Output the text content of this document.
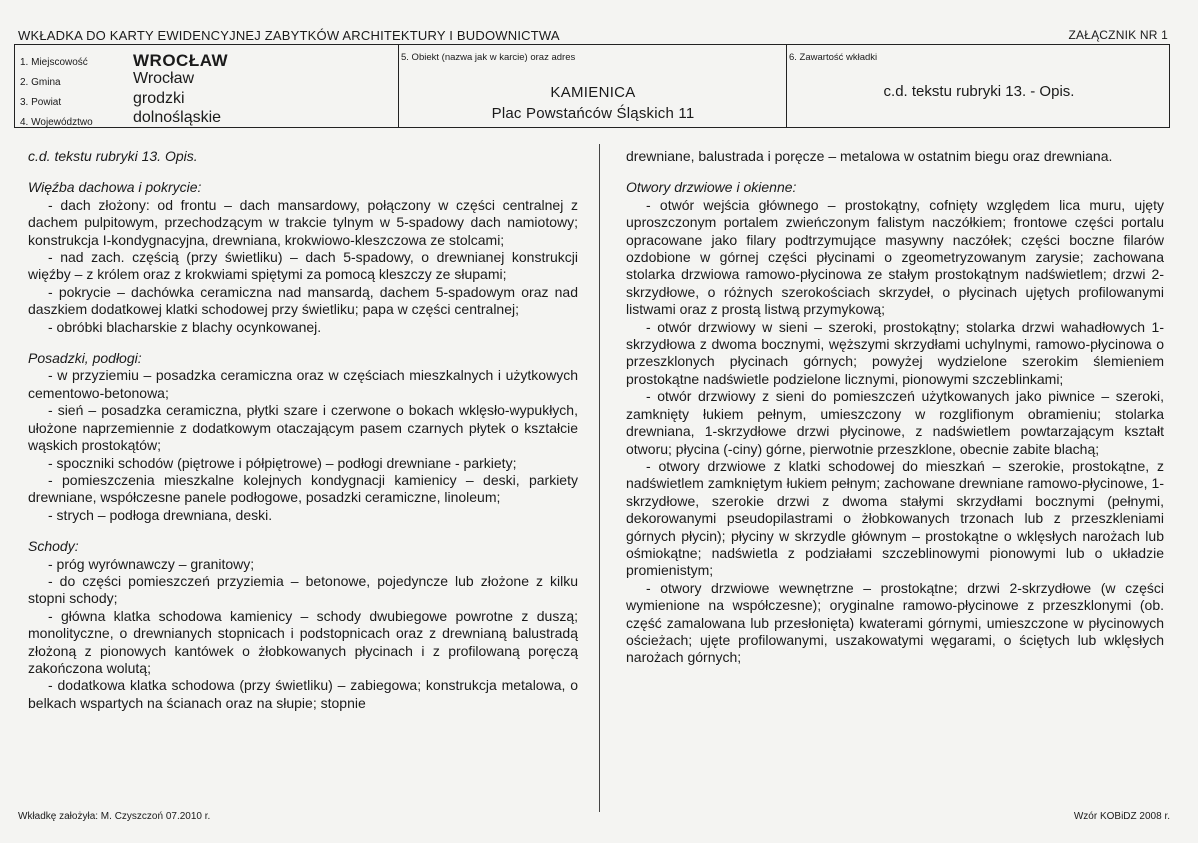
WKŁADKA DO KARTY EWIDENCYJNEJ ZABYTKÓW ARCHITEKTURY I BUDOWNICTWA	ZAŁĄCZNIK NR 1
1. Miejscowość	WROCŁAW
2. Gmina	Wrocław
3. Powiat	grodzki
4. Województwo	dolnośląskie
5. Obiekt (nazwa jak w karcie) oraz adres
KAMIENICA
Plac Powstańców Śląskich 11
6. Zawartość wkładki
c.d. tekstu rubryki 13. - Opis.

c.d. tekstu rubryki 13. Opis.

Więźba dachowa i pokrycie:

- dach złożony: od frontu – dach mansardowy, połączony w części centralnej z dachem pulpitowym, przechodzącym w trakcie tylnym w 5-spadowy dach namiotowy; konstrukcja I-kondygnacyjna, drewniana, krokwiowo-kleszczowa ze stolcami;

- nad zach. częścią (przy świetliku) – dach 5-spadowy, o drewnianej konstrukcji więźby – z królem oraz z krokwiami spiętymi za pomocą kleszczy ze słupami;

- pokrycie – dachówka ceramiczna nad mansardą, dachem 5-spadowym oraz nad daszkiem dodatkowej klatki schodowej przy świetliku; papa w części centralnej;

- obróbki blacharskie z blachy ocynkowanej.

Posadzki, podłogi:

- w przyziemiu – posadzka ceramiczna oraz w częściach mieszkalnych i użytkowych cementowo-betonowa;

- sień – posadzka ceramiczna, płytki szare i czerwone o bokach wklęsło-wypukłych, ułożone naprzemiennie z dodatkowym otaczającym pasem czarnych płytek o kształcie wąskich prostokątów;

- spoczniki schodów (piętrowe i półpiętrowe) – podłogi drewniane - parkiety;

- pomieszczenia mieszkalne kolejnych kondygnacji kamienicy – deski, parkiety drewniane, współczesne panele podłogowe, posadzki ceramiczne, linoleum;

- strych – podłoga drewniana, deski.

Schody:

- próg wyrównawczy – granitowy;

- do części pomieszczeń przyziemia – betonowe, pojedyncze lub złożone z kilku stopni schody;

- główna klatka schodowa kamienicy – schody dwubiegowe powrotne z duszą; monolityczne, o drewnianych stopnicach i podstopnicach oraz z drewnianą balustradą złożoną z pionowych kantówek o żłobkowanych płycinach i z profilowaną poręczą zakończona wolutą;

- dodatkowa klatka schodowa (przy świetliku) – zabiegowa; konstrukcja metalowa, o belkach wspartych na ścianach oraz na słupie; stopnie

drewniane, balustrada i poręcze – metalowa w ostatnim biegu oraz drewniana.

Otwory drzwiowe i okienne:

- otwór wejścia głównego – prostokątny, cofnięty względem lica muru, ujęty uproszczonym portalem zwieńczonym falistym naczółkiem; frontowe części portalu opracowane jako filary podtrzymujące masywny naczółek; części boczne filarów ozdobione w górnej części płycinami o zgeometryzowanym zarysie; zachowana stolarka drzwiowa ramowo-płycinowa ze stałym prostokątnym nadświetlem; drzwi 2-skrzydłowe, o różnych szerokościach skrzydeł, o płycinach ujętych profilowanymi listwami oraz z prostą listwą przymykową;

- otwór drzwiowy w sieni – szeroki, prostokątny; stolarka drzwi wahadłowych 1-skrzydłowa z dwoma bocznymi, węższymi skrzydłami uchylnymi, ramowo-płycinowa o przeszklonych płycinach górnych; powyżej wydzielone szerokim ślemieniem prostokątne nadświetle podzielone licznymi, pionowymi szczeblinkami;

- otwór drzwiowy z sieni do pomieszczeń użytkowanych jako piwnice – szeroki, zamknięty łukiem pełnym, umieszczony w rozglifionym obramieniu; stolarka drewniana, 1-skrzydłowe drzwi płycinowe, z nadświetlem powtarzającym kształt otworu; płycina (-ciny) górne, pierwotnie przeszklone, obecnie zabite blachą;

- otwory drzwiowe z klatki schodowej do mieszkań – szerokie, prostokątne, z nadświetlem zamkniętym łukiem pełnym; zachowane drewniane ramowo-płycinowe, 1-skrzydłowe, szerokie drzwi z dwoma stałymi skrzydłami bocznymi (pełnymi, dekorowanymi pseudopilastrami o żłobkowanych trzonach lub z przeszkleniami górnych płycin); płyciny w skrzydle głównym – prostokątne o wklęsłych narożach lub ośmiokątne; nadświetla z podziałami szczeblinowymi pionowymi lub o układzie promienistym;

- otwory drzwiowe wewnętrzne – prostokątne; drzwi 2-skrzydłowe (w części wymienione na współczesne); oryginalne ramowo-płycinowe z przeszklonymi (ob. część zamalowana lub przesłonięta) kwaterami górnymi, umieszczone w płycinowych ościeżach; ujęte profilowanymi, uszakowatymi węgarami, o ściętych lub wklęsłych narożach górnych;

Wkładkę założyła: M. Czyszczoń 07.2010 r.	Wzór KOBiDZ 2008 r.
